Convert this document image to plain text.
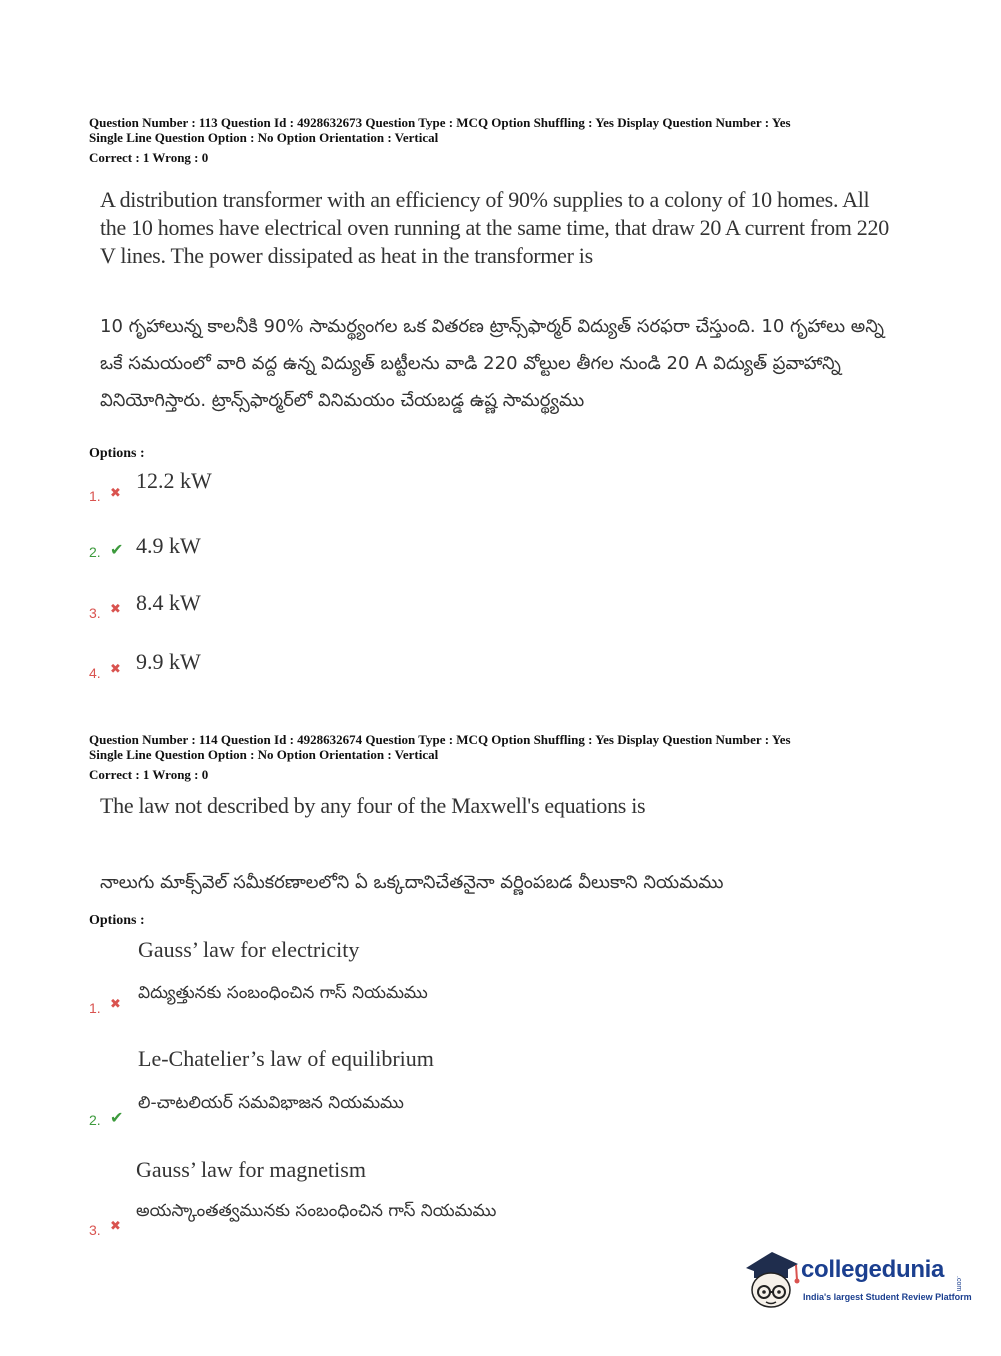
Question Number : 113 Question Id : 4928632673 Question Type : MCQ Option Shuffling : Yes Display Question Number : Yes
Single Line Question Option : No Option Orientation : Vertical
Correct : 1 Wrong : 0
A distribution transformer with an efficiency of 90% supplies to a colony of 10 homes. All the 10 homes have electrical oven running at the same time, that draw 20 A current from 220 V lines. The power dissipated as heat in the transformer is
10 గృహాలున్న కాలనీకి 90% సామర్థ్యంగల ఒక వితరణ ట్రాన్స్‌ఫార్మర్ విద్యుత్ సరఫరా చేస్తుంది. 10 గృహాలు అన్ని ఒకే సమయంలో వారి వద్ద ఉన్న విద్యుత్ బట్టీలను వాడి 220 వోల్టుల తీగల నుండి 20 A విద్యుత్ ప్రవాహాన్ని వినియోగిస్తారు. ట్రాన్స్‌ఫార్మర్‌లో వినిమయం చేయబడ్డ ఉష్ణ సామర్థ్యము
Options :
1. ✖
12.2 kW
2. ✔ 4.9 kW
3. ✖ 8.4 kW
4. ✖ 9.9 kW
Question Number : 114 Question Id : 4928632674 Question Type : MCQ Option Shuffling : Yes Display Question Number : Yes
Single Line Question Option : No Option Orientation : Vertical
Correct : 1 Wrong : 0
The law not described by any four of the Maxwell's equations is
నాలుగు మాక్స్‌వెల్ సమీకరణాలలోని ఏ ఒక్కదానిచేతనైనా వర్ణింపబడ వీలుకాని నియమము
Options :
Gauss’ law for electricity
విద్యుత్తునకు సంబంధించిన గాస్ నియమము
1. ✖
Le-Chatelier’s law of equilibrium
లి-చాటలియర్ సమవిభాజన నియమము
2. ✔
Gauss’ law for magnetism
అయస్కాంతత్వమునకు సంబంధించిన గాస్ నియమము
3. ✖
collegedunia
.com
India's largest Student Review Platform
